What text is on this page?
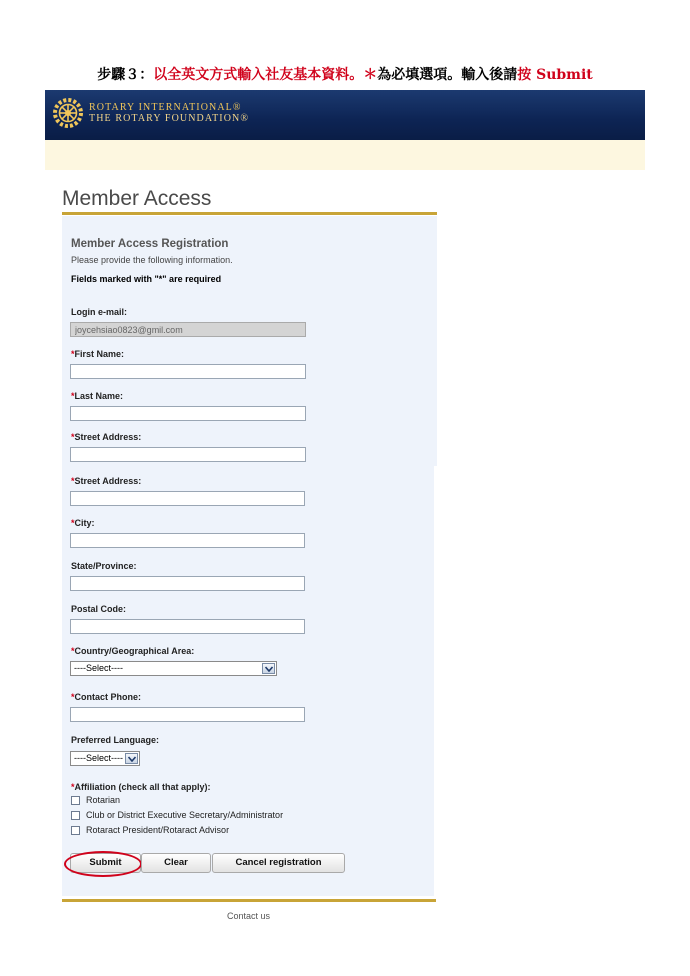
步驟３：以全英文方式輸入社友基本資料。＊為必填選項。輸入後請按 Submit
ROTARY INTERNATIONAL®
THE ROTARY FOUNDATION®
Member Access
Member Access Registration
Please provide the following information.
Fields marked with "*" are required
Login e-mail:
joycehsiao0823@gmil.com
*First Name:
*Last Name:
*Street Address:
*Street Address:
*City:
State/Province:
Postal Code:
*Country/Geographical Area:
----Select----
*Contact Phone:
Preferred Language:
----Select----
*Affiliation (check all that apply):
Rotarian
Club or District Executive Secretary/Administrator
Rotaract President/Rotaract Advisor
Submit	Clear	Cancel registration
Contact us
